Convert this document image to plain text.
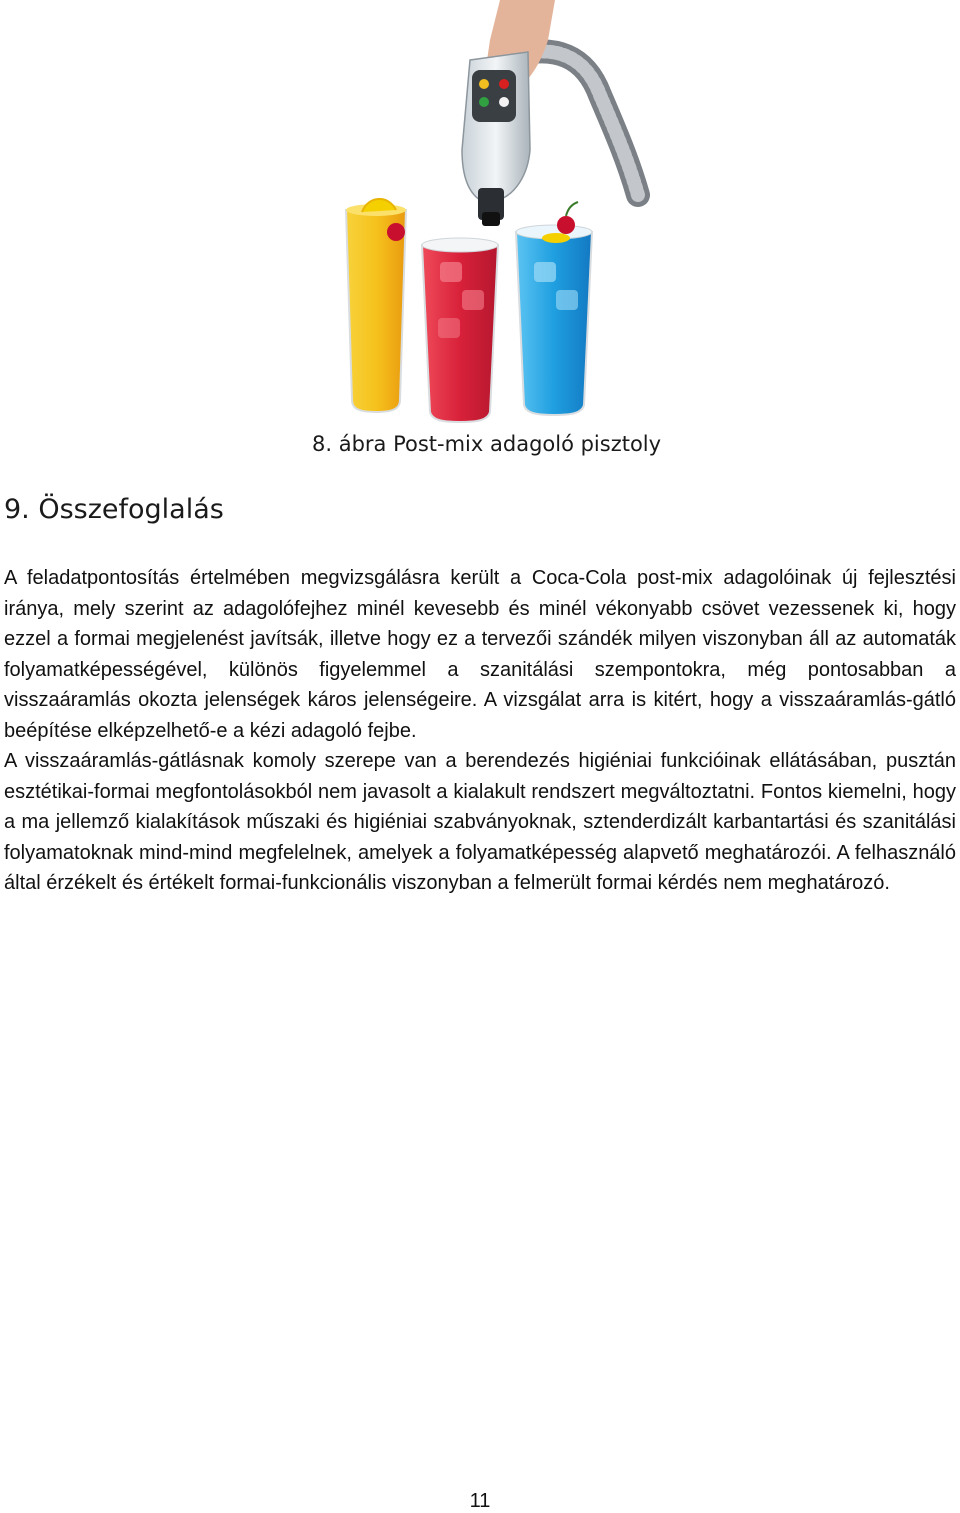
8. ábra Post-mix adagoló pisztoly
9. Összefoglalás

A feladatpontosítás értelmében megvizsgálásra került a Coca-Cola post-mix adagolóinak új fejlesztési iránya, mely szerint az adagolófejhez minél kevesebb és minél vékonyabb csövet vezessenek ki, hogy ezzel a formai megjelenést javítsák, illetve hogy ez a tervezői szándék milyen viszonyban áll az automaták folyamatképességével, különös figyelemmel a szanitálási szempontokra, még pontosabban a visszaáramlás okozta jelenségek káros jelenségeire. A vizsgálat arra is kitért, hogy a visszaáramlás-gátló beépítése elképzelhető-e a kézi adagoló fejbe.

A visszaáramlás-gátlásnak komoly szerepe van a berendezés higiéniai funkcióinak ellátásában, pusztán esztétikai-formai megfontolásokból nem javasolt a kialakult rendszert megváltoztatni. Fontos kiemelni, hogy a ma jellemző kialakítások műszaki és higiéniai szabványoknak, sztenderdizált karbantartási és szanitálási folyamatoknak mind-mind megfelelnek, amelyek a folyamatképesség alapvető meghatározói. A felhasználó által érzékelt és értékelt formai-funkcionális viszonyban a felmerült formai kérdés nem meghatározó.

11
